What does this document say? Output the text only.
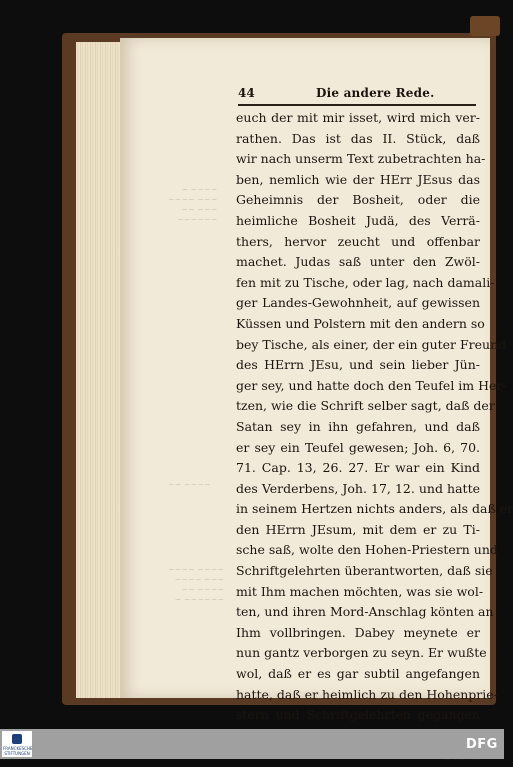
~~~~ ~
~~~ ~~~~
~~~ ~~
~~~~~~
~~~~ ~~
~~~~ ~~~~
~~~ ~~~~
~~~~ ~~
~~~~~~ ~
44	Die andere Rede.
euch der mit mir isset, wird mich ver-
rathen. Das ist das II. Stück, daß
wir nach unserm Text zubetrachten ha-
ben, nemlich wie der HErr JEsus das
Geheimnis der Bosheit, oder die
heimliche Bosheit Judä, des Verrä-
thers, hervor zeucht und offenbar
machet. Judas saß unter den Zwöl-
fen mit zu Tische, oder lag, nach damali-
ger Landes-Gewohnheit, auf gewissen
Küssen und Polstern mit den andern so
bey Tische, als einer, der ein guter Freund
des HErrn JEsu, und sein lieber Jün-
ger sey, und hatte doch den Teufel im Her-
tzen, wie die Schrift selber sagt, daß der
Satan sey in ihn gefahren, und daß
er sey ein Teufel gewesen; Joh. 6, 70.
71. Cap. 13, 26. 27. Er war ein Kind
des Verderbens, Joh. 17, 12. und hatte
in seinem Hertzen nichts anders, als daß er
den HErrn JEsum, mit dem er zu Ti-
sche saß, wolte den Hohen-Priestern und
Schriftgelehrten überantworten, daß sie
mit Ihm machen möchten, was sie wol-
ten, und ihren Mord-Anschlag könten an
Ihm vollbringen. Dabey meynete er
nun gantz verborgen zu seyn. Er wußte
wol, daß er es gar subtil angefangen
hatte, daß er heimlich zu den Hohenprie-
stern und Schriftgelehrten gegangen
FRANCKESCHE STIFTUNGEN
DFG
